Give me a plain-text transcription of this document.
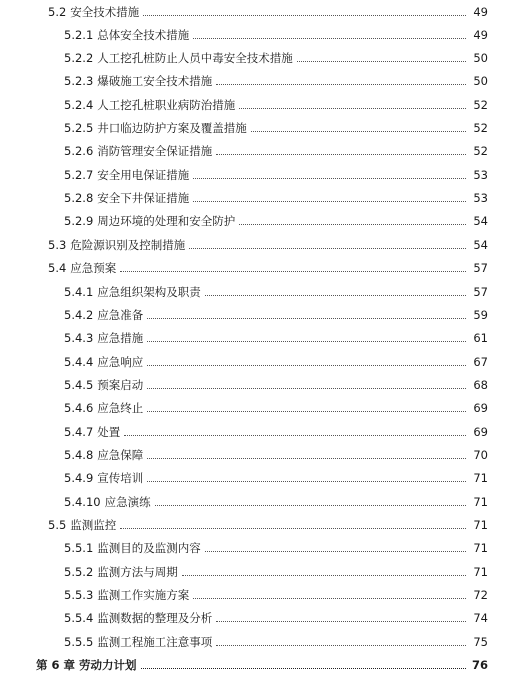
5.2 安全技术措施	49
5.2.1 总体安全技术措施	49
5.2.2 人工挖孔桩防止人员中毒安全技术措施	50
5.2.3 爆破施工安全技术措施	50
5.2.4 人工挖孔桩职业病防治措施	52
5.2.5 井口临边防护方案及覆盖措施	52
5.2.6 消防管理安全保证措施	52
5.2.7 安全用电保证措施	53
5.2.8 安全下井保证措施	53
5.2.9 周边环境的处理和安全防护	54
5.3 危险源识别及控制措施	54
5.4 应急预案	57
5.4.1 应急组织架构及职责	57
5.4.2 应急准备	59
5.4.3 应急措施	61
5.4.4 应急响应	67
5.4.5 预案启动	68
5.4.6 应急终止	69
5.4.7 处置	69
5.4.8 应急保障	70
5.4.9 宣传培训	71
5.4.10 应急演练	71
5.5 监测监控	71
5.5.1 监测目的及监测内容	71
5.5.2 监测方法与周期	71
5.5.3 监测工作实施方案	72
5.5.4 监测数据的整理及分析	74
5.5.5 监测工程施工注意事项	75
第 6 章 劳动力计划	76
